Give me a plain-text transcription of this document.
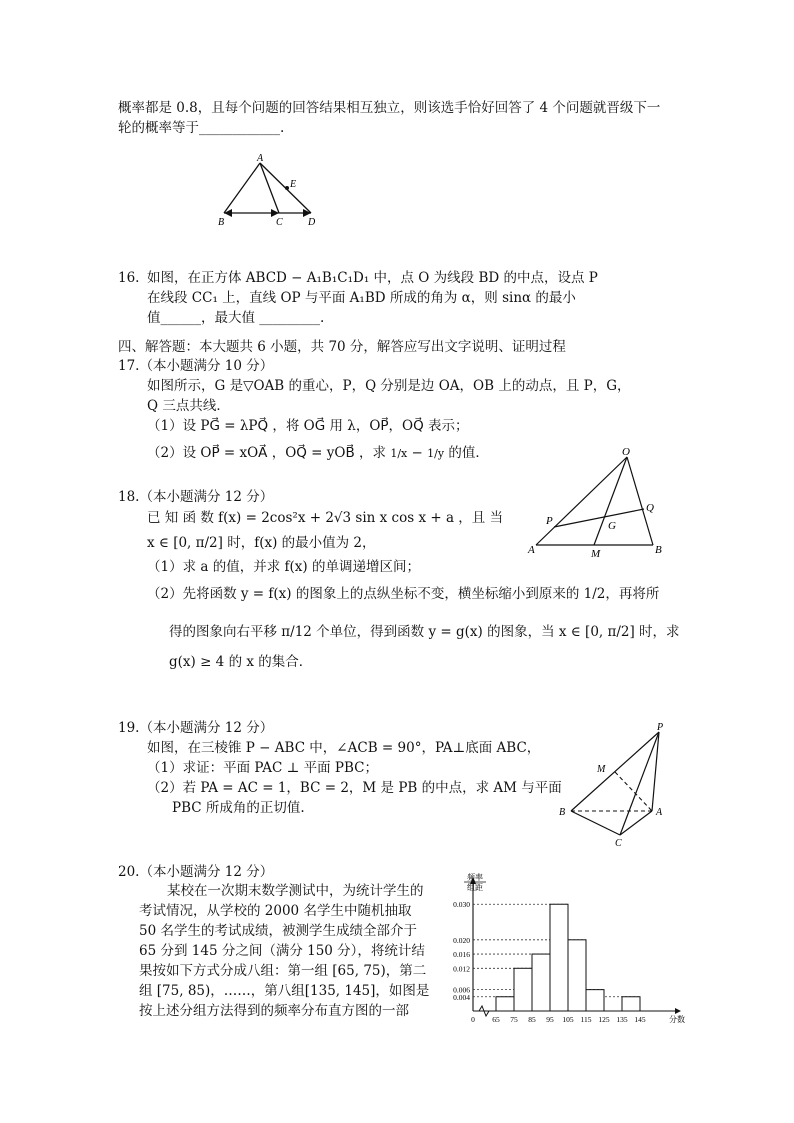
概率都是 0.8，且每个问题的回答结果相互独立，则该选手恰好回答了 4 个问题就晋级下一
轮的概率等于____________.
A
E
B	C	D
16. 如图，在正方体 ABCD − A₁B₁C₁D₁ 中，点 O 为线段 BD 的中点，设点 P
在线段 CC₁ 上，直线 OP 与平面 A₁BD 所成的角为 α，则 sinα 的最小
值______，最大值 _________.
四、解答题：本大题共 6 小题，共 70 分，解答应写出文字说明、证明过程
17.（本小题满分 10 分）
如图所示，G 是▽OAB 的重心，P，Q 分别是边 OA，OB 上的动点，且 P，G，
Q 三点共线．
（1）设 PG⃗ = λPQ⃗ ，将 OG⃗ 用 λ，OP⃗，OQ⃗ 表示；
（2）设 OP⃗ = xOA⃗ ，OQ⃗ = yOB⃗ ，求 1/x − 1/y 的值．	O
Q
P	G
A	M	B
18.（本小题满分 12 分）
已 知 函 数 f(x) = 2cos²x + 2√3 sin x cos x + a ，且 当
x ∈ [0, π/2] 时，f(x) 的最小值为 2，
（1）求 a 的值，并求 f(x) 的单调递增区间；
（2）先将函数 y = f(x) 的图象上的点纵坐标不变，横坐标缩小到原来的 1/2，再将所
得的图象向右平移 π/12 个单位，得到函数 y = g(x) 的图象，当 x ∈ [0, π/2] 时，求
g(x) ≥ 4 的 x 的集合．
19.（本小题满分 12 分）
如图，在三棱锥 P − ABC 中，∠ACB = 90°，PA⊥底面 ABC，
（1）求证：平面 PAC ⊥ 平面 PBC；
（2）若 PA = AC = 1，BC = 2，M 是 PB 的中点，求 AM 与平面
PBC 所成角的正切值.
P
M
B	A
C
20.（本小题满分 12 分）
某校在一次期末数学测试中，为统计学生的
考试情况，从学校的 2000 名学生中随机抽取
50 名学生的考试成绩，被测学生成绩全部介于
65 分到 145 分之间（满分 150 分），将统计结
果按如下方式分成八组：第一组 [65, 75)，第二
组 [75, 85)，……，第八组[135, 145]，如图是
按上述分组方法得到的频率分布直方图的一部
0.004
0.006
0.012
0.016
0.020
0.030
0 65 75 85 95 105 115 125 135 145	分数
频率
组距
